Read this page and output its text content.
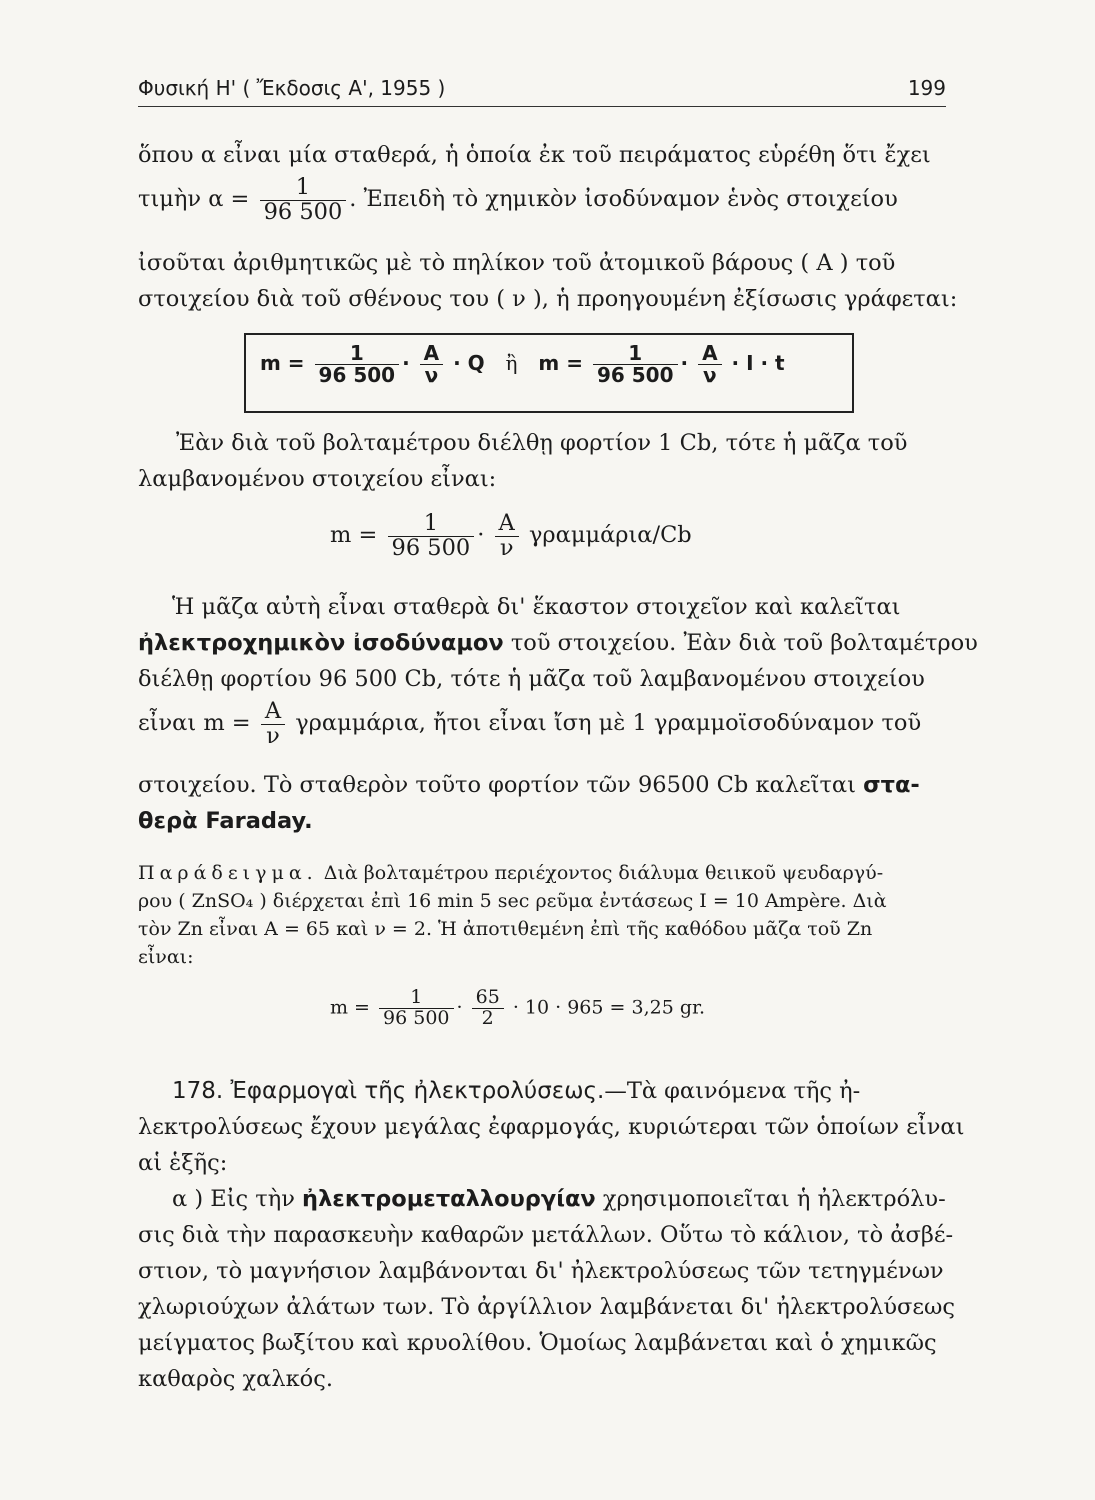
Φυσική Η' ( Ἔκδοσις Α', 1955 )	199
ὅπου α εἶναι μία σταθερά, ἡ ὁποία ἐκ τοῦ πειράματος εὑρέθη ὅτι ἔχει
τιμὴν $\alpha = \frac{1}{96 500}$ . Ἐπειδὴ τὸ χημικὸν ἰσοδύναμον ἑνὸς στοιχείου
ἰσοῦται ἀριθμητικῶς μὲ τὸ πηλίκον τοῦ ἀτομικοῦ βάρους ( A ) τοῦ
στοιχείου διὰ τοῦ σθένους του ( ν ), ἡ προηγουμένη ἐξίσωσις γράφεται:
$m = \frac{1}{96 500} \cdot \frac{A}{\nu} \cdot Q$ ἢ $m = \frac{1}{96 500} \cdot \frac{A}{\nu} \cdot I \cdot t$
Ἐὰν διὰ τοῦ βολταμέτρου διέλθῃ φορτίον 1 Cb, τότε ἡ μᾶζα τοῦ
λαμβανομένου στοιχείου εἶναι:
$m = \frac{1}{96 500} \cdot \frac{A}{\nu} \gamma\rho\alpha\mu\mu ά\rho\iota\alpha/Cb$
Ἡ μᾶζα αὐτὴ εἶναι σταθερὰ δι' ἕκαστον στοιχεῖον καὶ καλεῖται
ἠλεκτροχημικὸν ἰσοδύναμον τοῦ στοιχείου. Ἐὰν διὰ τοῦ βολταμέτρου
διέλθῃ φορτίου 96 500 Cb, τότε ἡ μᾶζα τοῦ λαμβανομένου στοιχείου
εἶναι $m = \frac{A}{\nu} \gamma\rho\alpha\mu\mu ά\rho\iota\alpha$, ἤτοι εἶναι ἴση μὲ 1 γραμμοϊσοδύναμον τοῦ
στοιχείου. Τὸ σταθερὸν τοῦτο φορτίον τῶν 96500 Cb καλεῖται στα-
θερὰ Faraday.
Παράδειγμα. Διὰ βολταμέτρου περιέχοντος διάλυμα θειικοῦ ψευδαργύ-
ρου ( ZnSO₄ ) διέρχεται ἐπὶ 16 min 5 sec ρεῦμα ἐντάσεως I = 10 Ampère. Διὰ
τὸν Zn εἶναι A = 65 καὶ ν = 2. Ἡ ἀποτιθεμένη ἐπὶ τῆς καθόδου μᾶζα τοῦ Zn
εἶναι:
$m = \frac{1}{96 500} \cdot \frac{65}{2} \cdot 10 \cdot 965 = 3,25$ gr.
178. Ἐφαρμογαὶ τῆς ἠλεκτρολύσεως.—Τὰ φαινόμενα τῆς ἠ-
λεκτρολύσεως ἔχουν μεγάλας ἐφαρμογάς, κυριώτεραι τῶν ὁποίων εἶναι
αἱ ἑξῆς:
α ) Εἰς τὴν ἠλεκτρομεταλλουργίαν χρησιμοποιεῖται ἡ ἠλεκτρόλυ-
σις διὰ τὴν παρασκευὴν καθαρῶν μετάλλων. Οὕτω τὸ κάλιον, τὸ ἀσβέ-
στιον, τὸ μαγνήσιον λαμβάνονται δι' ἠλεκτρολύσεως τῶν τετηγμένων
χλωριούχων ἀλάτων των. Τὸ ἀργίλλιον λαμβάνεται δι' ἠλεκτρολύσεως
μείγματος βωξίτου καὶ κρυολίθου. Ὁμοίως λαμβάνεται καὶ ὁ χημικῶς
καθαρὸς χαλκός.
